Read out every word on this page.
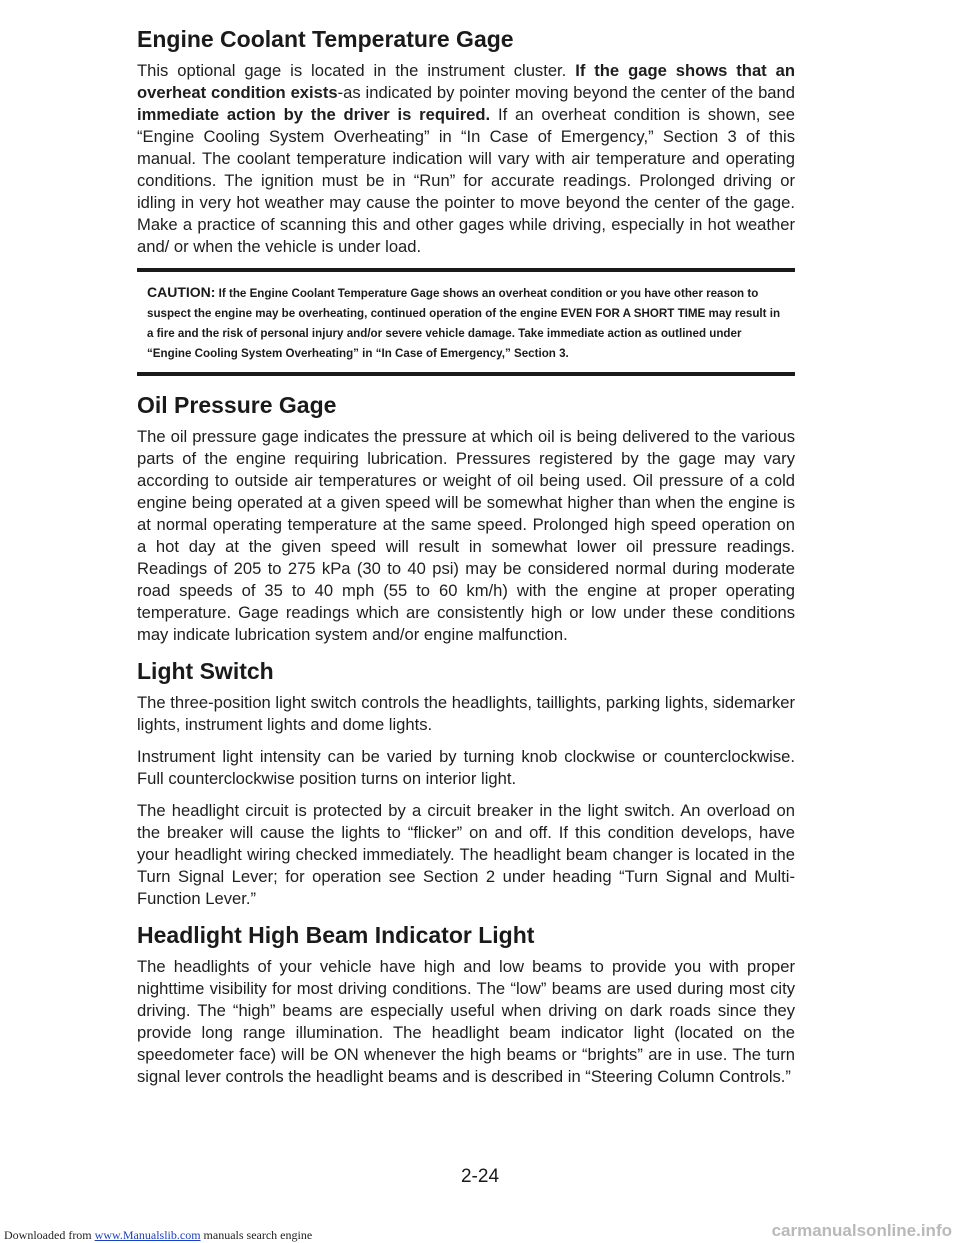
Engine Coolant Temperature Gage

This optional gage is located in the instrument cluster. If the gage shows that an overheat condition exists-as indicated by pointer moving beyond the center of the band immediate action by the driver is required. If an overheat condition is shown, see “Engine Cooling System Overheating” in “In Case of Emergency,” Section 3 of this manual. The coolant temperature indication will vary with air temperature and operating conditions. The ignition must be in “Run” for accurate readings. Prolonged driving or idling in very hot weather may cause the pointer to move beyond the center of the gage. Make a practice of scanning this and other gages while driving, especially in hot weather and/ or when the vehicle is under load.

CAUTION: If the Engine Coolant Temperature Gage shows an overheat condition or you have other reason to suspect the engine may be overheating, continued operation of the engine EVEN FOR A SHORT TIME may result in a fire and the risk of personal injury and/or severe vehicle damage. Take immediate action as outlined under “Engine Cooling System Overheating” in “In Case of Emergency,” Section 3.
Oil Pressure Gage

The oil pressure gage indicates the pressure at which oil is being delivered to the various parts of the engine requiring lubrication. Pressures registered by the gage may vary according to outside air temperatures or weight of oil being used. Oil pressure of a cold engine being operated at a given speed will be somewhat higher than when the engine is at normal operating temperature at the same speed. Prolonged high speed operation on a hot day at the given speed will result in somewhat lower oil pressure readings. Readings of 205 to 275 kPa (30 to 40 psi) may be considered normal during moderate road speeds of 35 to 40 mph (55 to 60 km/h) with the engine at proper operating temperature. Gage readings which are consistently high or low under these conditions may indicate lubrication system and/or engine malfunction.

Light Switch

The three-position light switch controls the headlights, taillights, parking lights, sidemarker lights, instrument lights and dome lights.

Instrument light intensity can be varied by turning knob clockwise or counterclockwise. Full counterclockwise position turns on interior light.

The headlight circuit is protected by a circuit breaker in the light switch. An overload on the breaker will cause the lights to “flicker” on and off. If this condition develops, have your headlight wiring checked immediately. The headlight beam changer is located in the Turn Signal Lever; for operation see Section 2 under heading “Turn Signal and Multi-Function Lever.”

Headlight High Beam Indicator Light

The headlights of your vehicle have high and low beams to provide you with proper nighttime visibility for most driving conditions. The “low” beams are used during most city driving. The “high” beams are especially useful when driving on dark roads since they provide long range illumination. The headlight beam indicator light (located on the speedometer face) will be ON whenever the high beams or “brights” are in use. The turn signal lever controls the headlight beams and is described in “Steering Column Controls.”

2-24
Downloaded from www.Manualslib.com manuals search engine	carmanualsonline.info
